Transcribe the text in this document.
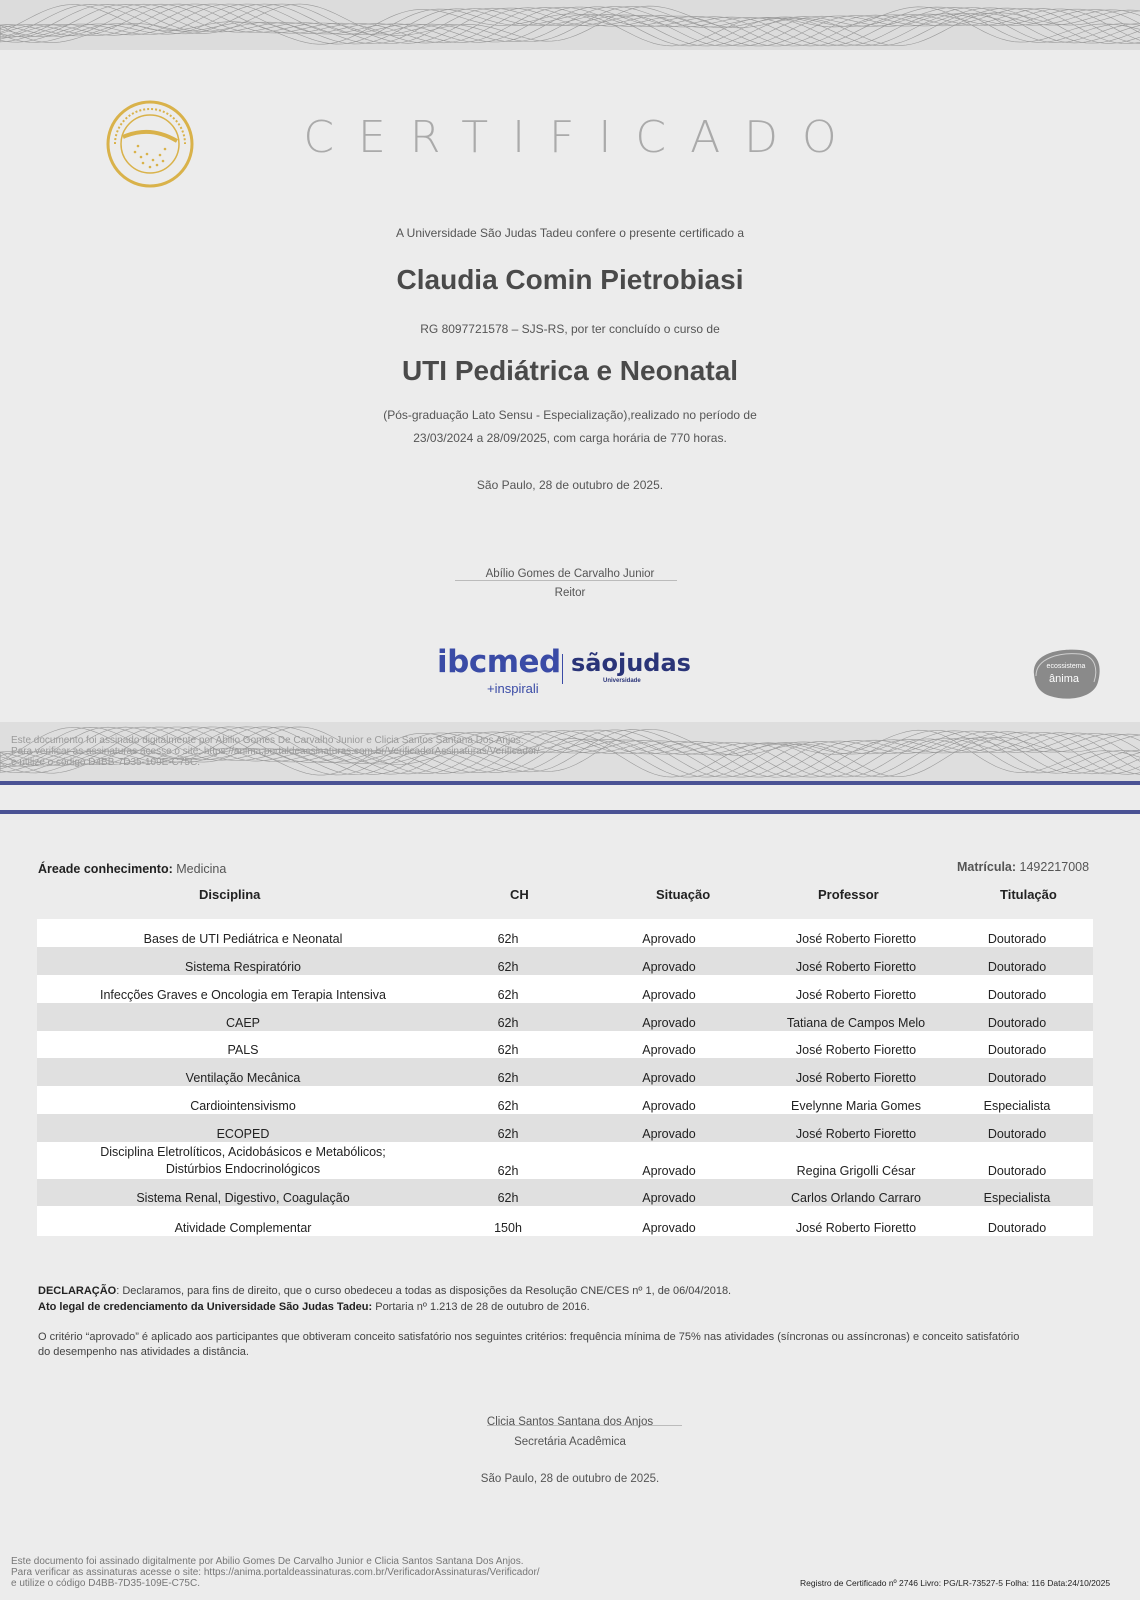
CERTIFICADO
A Universidade São Judas Tadeu confere o presente certificado a
Claudia Comin Pietrobiasi
RG 8097721578 – SJS-RS, por ter concluído o curso de
UTI Pediátrica e Neonatal
(Pós-graduação Lato Sensu - Especialização),realizado no período de
23/03/2024 a 28/09/2025, com carga horária de 770 horas.
São Paulo, 28 de outubro de 2025.
Abílio Gomes de Carvalho Junior
Reitor
ibcmed
+inspirali
sãojudas
Universidade
ecossistema
ânima
Este documento foi assinado digitalmente por Abilio Gomes De Carvalho Junior e Clicia Santos Santana Dos Anjos.
Para verificar as assinaturas acesse o site: https://anima.portaldeassinaturas.com.br/VerificadorAssinaturas/Verificador/
e utilize o código D4BB-7D35-109E-C75C.
Áreade conhecimento: Medicina	Matrícula: 1492217008
Disciplina	CH	Situação	Professor	Titulação
Bases de UTI Pediátrica e Neonatal	62h	Aprovado	José Roberto Fioretto	Doutorado
Sistema Respiratório	62h	Aprovado	José Roberto Fioretto	Doutorado
Infecções Graves e Oncologia em Terapia Intensiva	62h	Aprovado	José Roberto Fioretto	Doutorado
CAEP	62h	Aprovado	Tatiana de Campos Melo	Doutorado
PALS	62h	Aprovado	José Roberto Fioretto	Doutorado
Ventilação Mecânica	62h	Aprovado	José Roberto Fioretto	Doutorado
Cardiointensivismo	62h	Aprovado	Evelynne Maria Gomes	Especialista
ECOPED	62h	Aprovado	José Roberto Fioretto	Doutorado
Disciplina Eletrolíticos, Acidobásicos e Metabólicos; Distúrbios Endocrinológicos	62h	Aprovado	Regina Grigolli César	Doutorado
Sistema Renal, Digestivo, Coagulação	62h	Aprovado	Carlos Orlando Carraro	Especialista
Atividade Complementar	150h	Aprovado	José Roberto Fioretto	Doutorado
DECLARAÇÃO: Declaramos, para fins de direito, que o curso obedeceu a todas as disposições da Resolução CNE/CES nº 1, de 06/04/2018.
Ato legal de credenciamento da Universidade São Judas Tadeu: Portaria nº 1.213 de 28 de outubro de 2016.
O critério “aprovado” é aplicado aos participantes que obtiveram conceito satisfatório nos seguintes critérios: frequência mínima de 75% nas atividades (síncronas ou assíncronas) e conceito satisfatório
do desempenho nas atividades a distância.
Clicia Santos Santana dos Anjos
Secretária Acadêmica
São Paulo, 28 de outubro de 2025.
Este documento foi assinado digitalmente por Abilio Gomes De Carvalho Junior e Clicia Santos Santana Dos Anjos.
Para verificar as assinaturas acesse o site: https://anima.portaldeassinaturas.com.br/VerificadorAssinaturas/Verificador/
e utilize o código D4BB-7D35-109E-C75C.	Registro de Certificado nº 2746 Livro: PG/LR-73527-5 Folha: 116 Data:24/10/2025
